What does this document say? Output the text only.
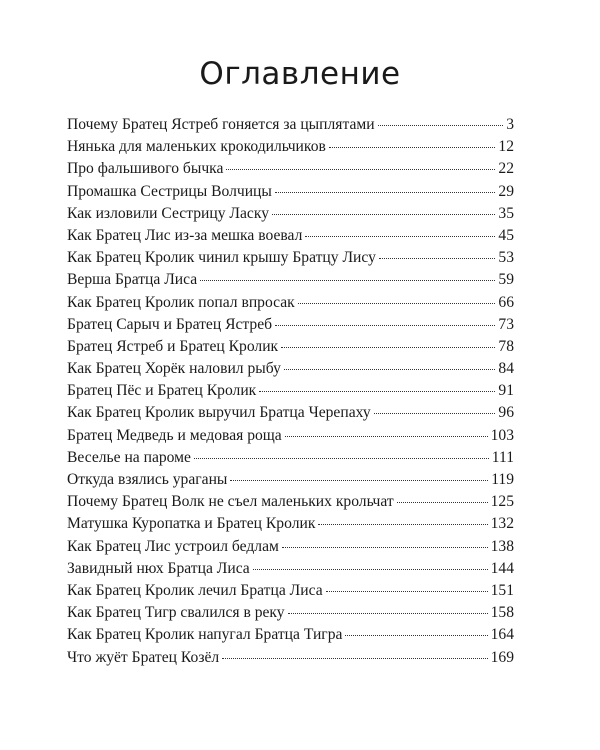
Оглавление
Почему Братец Ястреб гоняется за цыплятами	3
Нянька для маленьких крокодильчиков	12
Про фальшивого бычка	22
Промашка Сестрицы Волчицы	29
Как изловили Сестрицу Ласку	35
Как Братец Лис из-за мешка воевал	45
Как Братец Кролик чинил крышу Братцу Лису	53
Верша Братца Лиса	59
Как Братец Кролик попал впросак	66
Братец Сарыч и Братец Ястреб	73
Братец Ястреб и Братец Кролик	78
Как Братец Хорёк наловил рыбу	84
Братец Пёс и Братец Кролик	91
Как Братец Кролик выручил Братца Черепаху	96
Братец Медведь и медовая роща	103
Веселье на пароме	111
Откуда взялись ураганы	119
Почему Братец Волк не съел маленьких крольчат	125
Матушка Куропатка и Братец Кролик	132
Как Братец Лис устроил бедлам	138
Завидный нюх Братца Лиса	144
Как Братец Кролик лечил Братца Лиса	151
Как Братец Тигр свалился в реку	158
Как Братец Кролик напугал Братца Тигра	164
Что жуёт Братец Козёл	169
